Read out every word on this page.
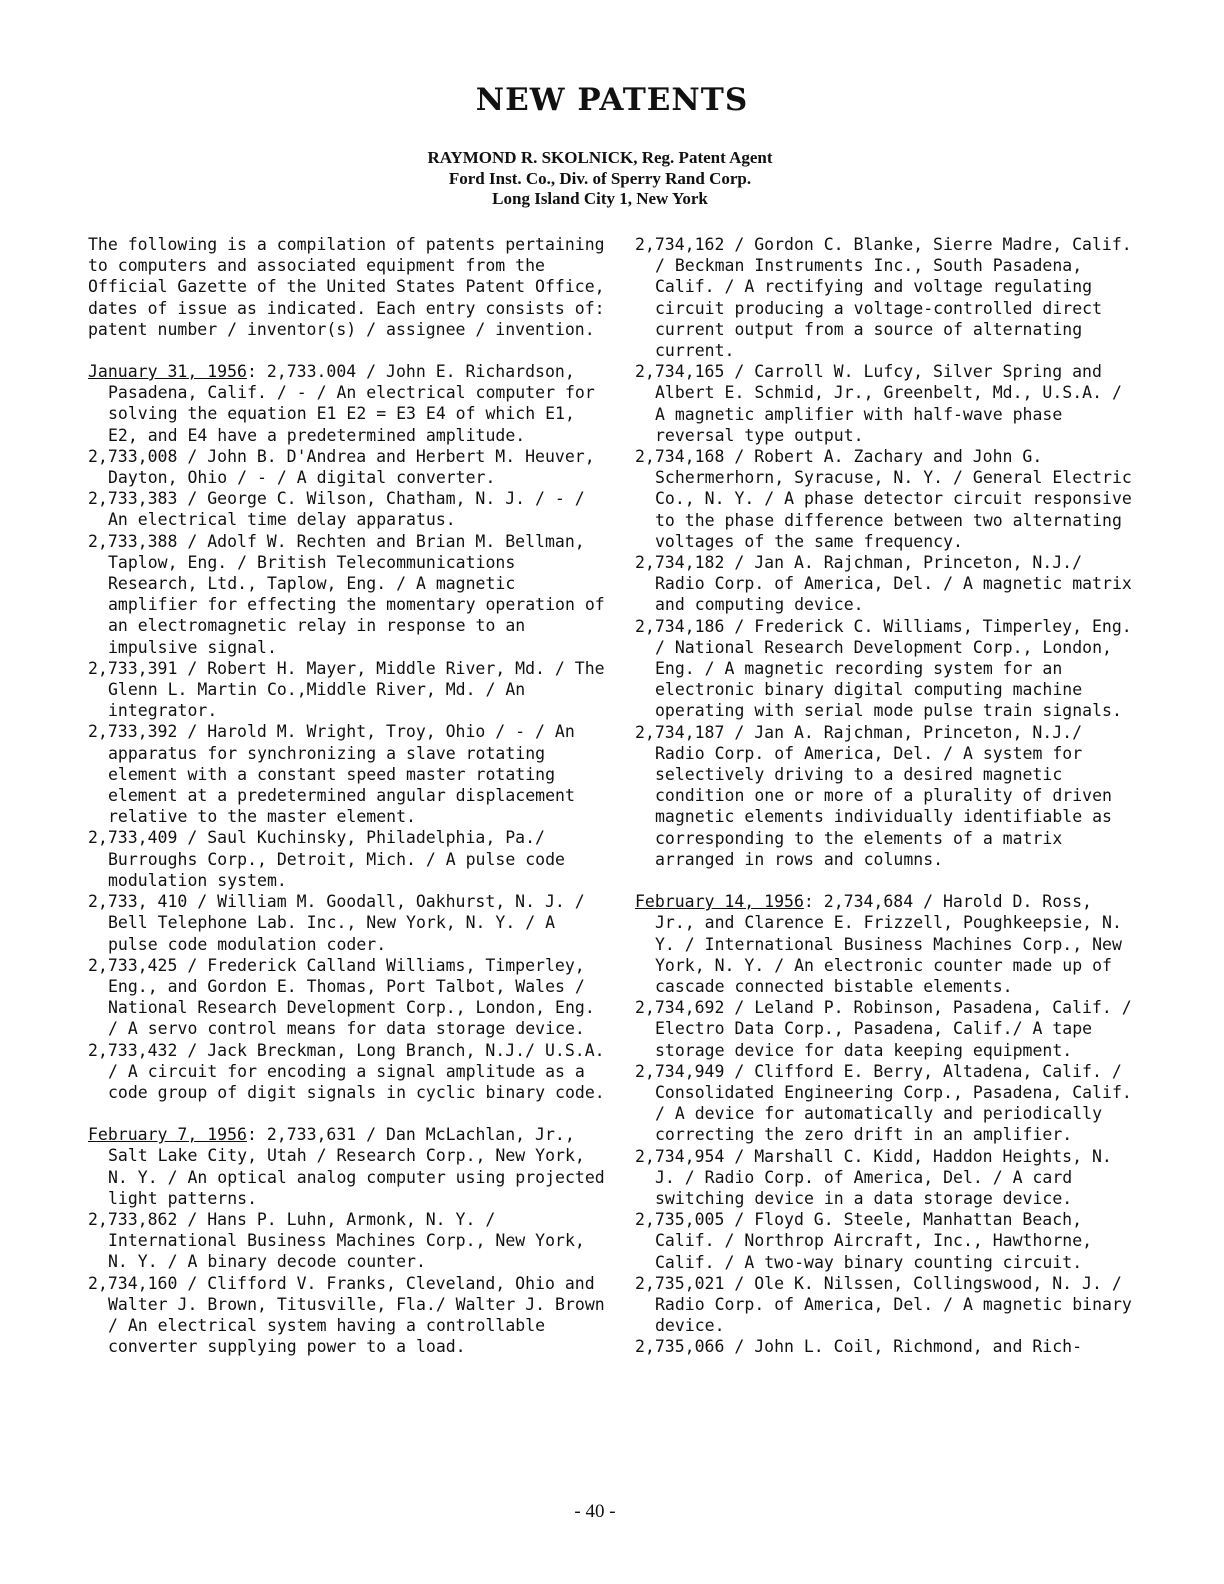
NEW PATENTS
RAYMOND R. SKOLNICK, Reg. Patent Agent
Ford Inst. Co., Div. of Sperry Rand Corp.
Long Island City 1, New York

The following is a compilation of patents pertaining to computers and associated equipment from the Official Gazette of the United States Patent Office, dates of issue as indicated. Each entry consists of: patent number / inventor(s) / assignee / invention.

January 31, 1956: 2,733.004 / John E. Richardson, Pasadena, Calif. / - / An electrical computer for solving the equation E1 E2 = E3 E4 of which E1, E2, and E4 have a predetermined amplitude.

2,733,008 / John B. D'Andrea and Herbert M. Heuver, Dayton, Ohio / - / A digital converter.

2,733,383 / George C. Wilson, Chatham, N. J. / - / An electrical time delay apparatus.

2,733,388 / Adolf W. Rechten and Brian M. Bellman, Taplow, Eng. / British Telecommunications Research, Ltd., Taplow, Eng. / A magnetic amplifier for effecting the momentary operation of an electromagnetic relay in response to an impulsive signal.

2,733,391 / Robert H. Mayer, Middle River, Md. / The Glenn L. Martin Co.,Middle River, Md. / An integrator.

2,733,392 / Harold M. Wright, Troy, Ohio / - / An apparatus for synchronizing a slave rotating element with a constant speed master rotating element at a predetermined angular displacement relative to the master element.

2,733,409 / Saul Kuchinsky, Philadelphia, Pa./ Burroughs Corp., Detroit, Mich. / A pulse code modulation system.

2,733, 410 / William M. Goodall, Oakhurst, N. J. / Bell Telephone Lab. Inc., New York, N. Y. / A pulse code modulation coder.

2,733,425 / Frederick Calland Williams, Timperley, Eng., and Gordon E. Thomas, Port Talbot, Wales / National Research Development Corp., London, Eng. / A servo control means for data storage device.

2,733,432 / Jack Breckman, Long Branch, N.J./ U.S.A. / A circuit for encoding a signal amplitude as a code group of digit signals in cyclic binary code.

February 7, 1956: 2,733,631 / Dan McLachlan, Jr., Salt Lake City, Utah / Research Corp., New York, N. Y. / An optical analog computer using projected light patterns.

2,733,862 / Hans P. Luhn, Armonk, N. Y. / International Business Machines Corp., New York, N. Y. / A binary decode counter.

2,734,160 / Clifford V. Franks, Cleveland, Ohio and Walter J. Brown, Titusville, Fla./ Walter J. Brown / An electrical system having a controllable converter supplying power to a load.

2,734,162 / Gordon C. Blanke, Sierre Madre, Calif. / Beckman Instruments Inc., South Pasadena, Calif. / A rectifying and voltage regulating circuit producing a voltage-controlled direct current output from a source of alternating current.

2,734,165 / Carroll W. Lufcy, Silver Spring and Albert E. Schmid, Jr., Greenbelt, Md., U.S.A. / A magnetic amplifier with half-wave phase reversal type output.

2,734,168 / Robert A. Zachary and John G. Schermerhorn, Syracuse, N. Y. / General Electric Co., N. Y. / A phase detector circuit responsive to the phase difference between two alternating voltages of the same frequency.

2,734,182 / Jan A. Rajchman, Princeton, N.J./ Radio Corp. of America, Del. / A magnetic matrix and computing device.

2,734,186 / Frederick C. Williams, Timperley, Eng. / National Research Development Corp., London, Eng. / A magnetic recording system for an electronic binary digital computing machine operating with serial mode pulse train signals.

2,734,187 / Jan A. Rajchman, Princeton, N.J./ Radio Corp. of America, Del. / A system for selectively driving to a desired magnetic condition one or more of a plurality of driven magnetic elements individually identifiable as corresponding to the elements of a matrix arranged in rows and columns.

February 14, 1956: 2,734,684 / Harold D. Ross, Jr., and Clarence E. Frizzell, Poughkeepsie, N. Y. / International Business Machines Corp., New York, N. Y. / An electronic counter made up of cascade connected bistable elements.

2,734,692 / Leland P. Robinson, Pasadena, Calif. / Electro Data Corp., Pasadena, Calif./ A tape storage device for data keeping equipment.

2,734,949 / Clifford E. Berry, Altadena, Calif. / Consolidated Engineering Corp., Pasadena, Calif. / A device for automatically and periodically correcting the zero drift in an amplifier.

2,734,954 / Marshall C. Kidd, Haddon Heights, N. J. / Radio Corp. of America, Del. / A card switching device in a data storage device.

2,735,005 / Floyd G. Steele, Manhattan Beach, Calif. / Northrop Aircraft, Inc., Hawthorne, Calif. / A two-way binary counting circuit.

2,735,021 / Ole K. Nilssen, Collingswood, N. J. / Radio Corp. of America, Del. / A magnetic binary device.

2,735,066 / John L. Coil, Richmond, and Rich-

- 40 -
